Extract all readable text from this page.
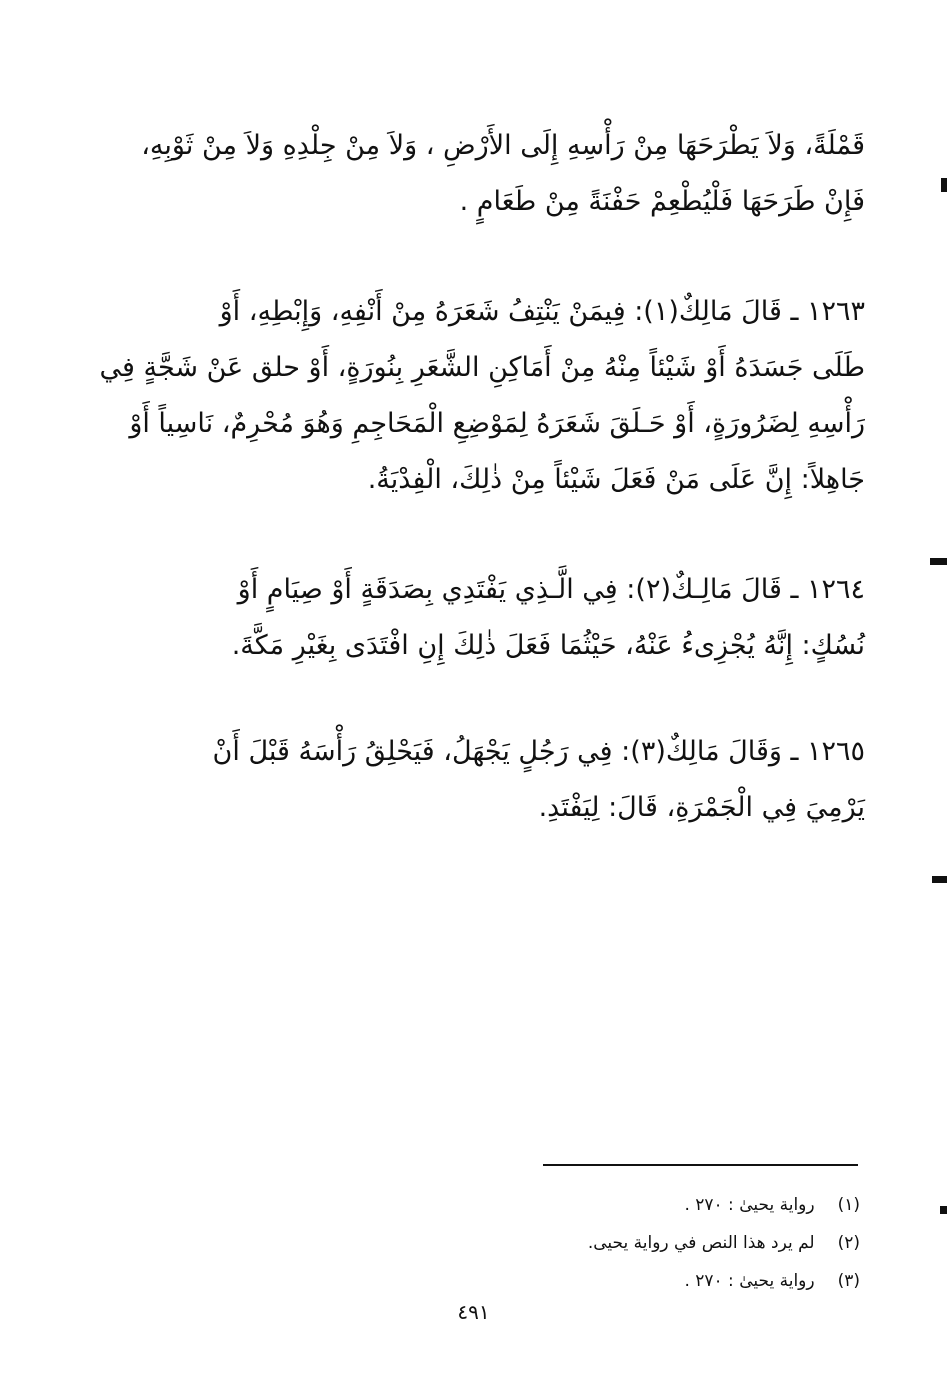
قَمْلَةً، وَلاَ يَطْرَحَهَا مِنْ رَأْسِهِ إِلَى الأَرْضِ ، وَلاَ مِنْ جِلْدِهِ وَلاَ مِنْ ثَوْبِهِ،
فَإِنْ طَرَحَهَا فَلْيُطْعِمْ حَفْنَةً مِنْ طَعَامٍ .
١٢٦٣ ـ قَالَ مَالِكٌ(١): فِيمَنْ يَنْتِفُ شَعَرَهُ مِنْ أَنْفِهِ، وَإِبْطِهِ، أَوْ
طَلَى جَسَدَهُ أَوْ شَيْئاً مِنْهُ مِنْ أَمَاكِنِ الشَّعَرِ بِنُورَةٍ، أَوْ حلق عَنْ شَجَّةٍ فِي
رَأْسِهِ لِضَرُورَةٍ، أَوْ حَـلَقَ شَعَرَهُ لِمَوْضِعِ الْمَحَاجِمِ وَهُوَ مُحْرِمٌ، نَاسِياً أَوْ
جَاهِلاً: إِنَّ عَلَى مَنْ فَعَلَ شَيْئاً مِنْ ذٰلِكَ، الْفِدْيَةُ.
١٢٦٤ ـ قَالَ مَالِـكٌ(٢): فِي الَّـذِي يَفْتَدِي بِصَدَقَةٍ أَوْ صِيَامٍ أَوْ
نُسُكٍ: إِنَّهُ يُجْزِىءُ عَنْهُ، حَيْثُمَا فَعَلَ ذٰلِكَ إِنِ افْتَدَى بِغَيْرِ مَكَّةَ.
١٢٦٥ ـ وَقَالَ مَالِكٌ(٣): فِي رَجُلٍ يَجْهَلُ، فَيَحْلِقُ رَأْسَهُ قَبْلَ أَنْ
يَرْمِيَ فِي الْجَمْرَةِ، قَالَ: لِيَفْتَدِ.
(١) رواية يحيىٰ : ٢٧٠ .
(٢) لم يرد هذا النص في رواية يحيى.
(٣) رواية يحيىٰ : ٢٧٠ .
٤٩١
